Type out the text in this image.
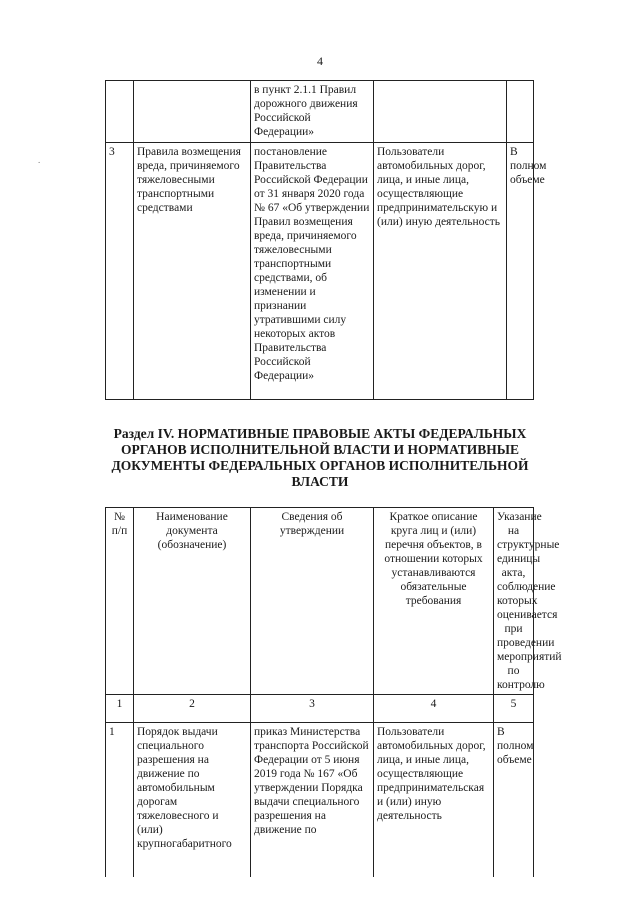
4
.
		в пункт 2.1.1 Правил дорожного движения Российской Федерации»		
3	Правила возмещения вреда, причиняемого тяжеловесными транспортными средствами	постановление Правительства Российской Федерации от 31 января 2020 года № 67 «Об утверждении Правил возмещения вреда, причиняемого тяжеловесными транспортными средствами, об изменении и признании утратившими силу некоторых актов Правительства Российской Федерации»	Пользователи автомобильных дорог, лица, и иные лица, осуществляющие предпринимательскую и (или) иную деятельность	В полном объеме
Раздел IV. НОРМАТИВНЫЕ ПРАВОВЫЕ АКТЫ ФЕДЕРАЛЬНЫХ ОРГАНОВ ИСПОЛНИТЕЛЬНОЙ ВЛАСТИ И НОРМАТИВНЫЕ ДОКУМЕНТЫ ФЕДЕРАЛЬНЫХ ОРГАНОВ ИСПОЛНИТЕЛЬНОЙ ВЛАСТИ
№ п/п	Наименование документа (обозначение)	Сведения об утверждении	Краткое описание круга лиц и (или) перечня объектов, в отношении которых устанавливаются обязательные требования	Указание на структурные единицы акта, соблюдение которых оценивается при проведении мероприятий по контролю
1	2	3	4	5
1	Порядок выдачи специального разрешения на движение по автомобильным дорогам тяжеловесного и (или) крупногабаритного	приказ Министерства транспорта Российской Федерации от 5 июня 2019 года № 167 «Об утверждении Порядка выдачи специального разрешения на движение по	Пользователи автомобильных дорог, лица, и иные лица, осуществляющие предпринимательская и (или) иную деятельность	В полном объеме
